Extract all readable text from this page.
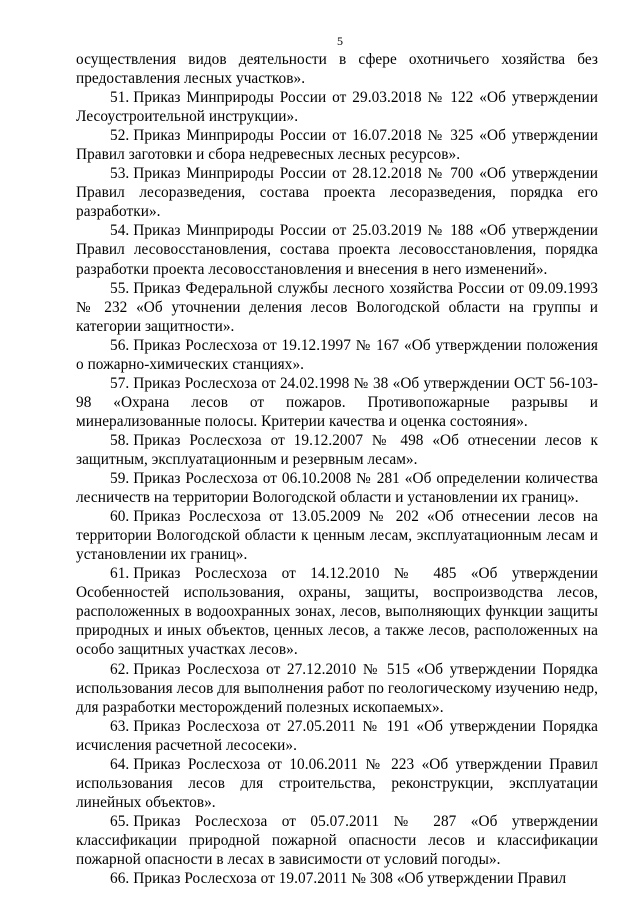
5

осуществления видов деятельности в сфере охотничьего хозяйства без предоставления лесных участков».

51. Приказ Минприроды России от 29.03.2018 № 122 «Об утверждении Лесоустроительной инструкции».

52. Приказ Минприроды России от 16.07.2018 № 325 «Об утверждении Правил заготовки и сбора недревесных лесных ресурсов».

53. Приказ Минприроды России от 28.12.2018 № 700 «Об утверждении Правил лесоразведения, состава проекта лесоразведения, порядка его разработки».

54. Приказ Минприроды России от 25.03.2019 № 188 «Об утверждении Правил лесовосстановления, состава проекта лесовосстановления, порядка разработки проекта лесовосстановления и внесения в него изменений».

55. Приказ Федеральной службы лесного хозяйства России от 09.09.1993 № 232 «Об уточнении деления лесов Вологодской области на группы и категории защитности».

56. Приказ Рослесхоза от 19.12.1997 № 167 «Об утверждении положения о пожарно-химических станциях».

57. Приказ Рослесхоза от 24.02.1998 № 38 «Об утверждении ОСТ 56-103-98 «Охрана лесов от пожаров. Противопожарные разрывы и минерализованные полосы. Критерии качества и оценка состояния».

58. Приказ Рослесхоза от 19.12.2007 № 498 «Об отнесении лесов к защитным, эксплуатационным и резервным лесам».

59. Приказ Рослесхоза от 06.10.2008 № 281 «Об определении количества лесничеств на территории Вологодской области и установлении их границ».

60. Приказ Рослесхоза от 13.05.2009 № 202 «Об отнесении лесов на территории Вологодской области к ценным лесам, эксплуатационным лесам и установлении их границ».

61. Приказ Рослесхоза от 14.12.2010 № 485 «Об утверждении Особенностей использования, охраны, защиты, воспроизводства лесов, расположенных в водоохранных зонах, лесов, выполняющих функции защиты природных и иных объектов, ценных лесов, а также лесов, расположенных на особо защитных участках лесов».

62. Приказ Рослесхоза от 27.12.2010 № 515 «Об утверждении Порядка использования лесов для выполнения работ по геологическому изучению недр, для разработки месторождений полезных ископаемых».

63. Приказ Рослесхоза от 27.05.2011 № 191 «Об утверждении Порядка исчисления расчетной лесосеки».

64. Приказ Рослесхоза от 10.06.2011 № 223 «Об утверждении Правил использования лесов для строительства, реконструкции, эксплуатации линейных объектов».

65. Приказ Рослесхоза от 05.07.2011 № 287 «Об утверждении классификации природной пожарной опасности лесов и классификации пожарной опасности в лесах в зависимости от условий погоды».

66. Приказ Рослесхоза от 19.07.2011 № 308 «Об утверждении Правил
